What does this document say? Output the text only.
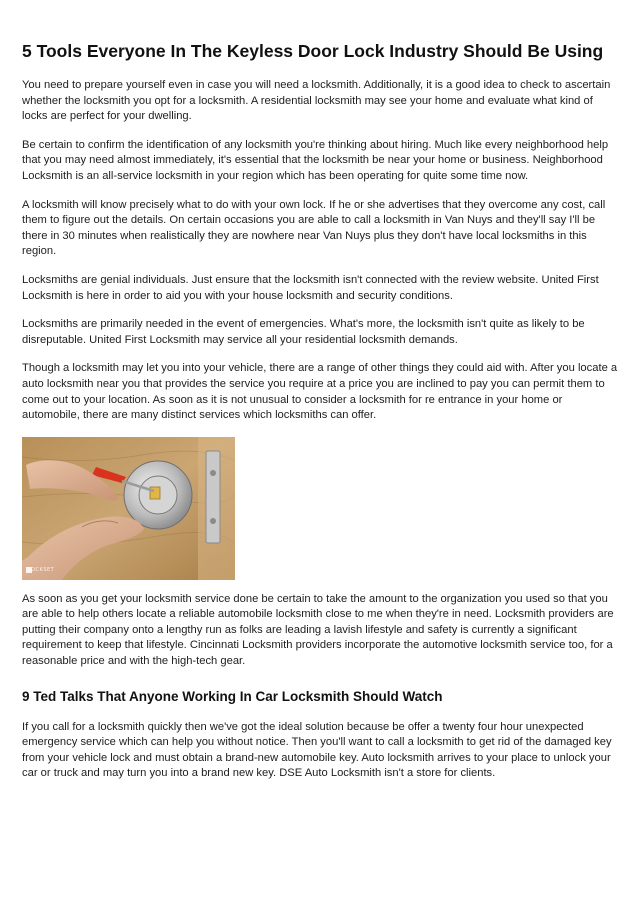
5 Tools Everyone In The Keyless Door Lock Industry Should Be Using

You need to prepare yourself even in case you will need a locksmith. Additionally, it is a good idea to check to ascertain whether the locksmith you opt for a locksmith. A residential locksmith may see your home and evaluate what kind of locks are perfect for your dwelling.

Be certain to confirm the identification of any locksmith you're thinking about hiring. Much like every neighborhood help that you may need almost immediately, it's essential that the locksmith be near your home or business. Neighborhood Locksmith is an all-service locksmith in your region which has been operating for quite some time now.

A locksmith will know precisely what to do with your own lock. If he or she advertises that they overcome any cost, call them to figure out the details. On certain occasions you are able to call a locksmith in Van Nuys and they'll say I'll be there in 30 minutes when realistically they are nowhere near Van Nuys plus they don't have local locksmiths in this region.

Locksmiths are genial individuals. Just ensure that the locksmith isn't connected with the review website. United First Locksmith is here in order to aid you with your house locksmith and security conditions.

Locksmiths are primarily needed in the event of emergencies. What's more, the locksmith isn't quite as likely to be disreputable. United First Locksmith may service all your residential locksmith demands.

Though a locksmith may let you into your vehicle, there are a range of other things they could aid with. After you locate a auto locksmith near you that provides the service you require at a price you are inclined to pay you can permit them to come out to your location. As soon as it is not unusual to consider a locksmith for re entrance in your home or automobile, there are many distinct services which locksmiths can offer.

LOCKSET

As soon as you get your locksmith service done be certain to take the amount to the organization you used so that you are able to help others locate a reliable automobile locksmith close to me when they're in need. Locksmith providers are putting their company onto a lengthy run as folks are leading a lavish lifestyle and safety is currently a significant requirement to keep that lifestyle. Cincinnati Locksmith providers incorporate the automotive locksmith service too, for a reasonable price and with the high-tech gear.

9 Ted Talks That Anyone Working In Car Locksmith Should Watch

If you call for a locksmith quickly then we've got the ideal solution because be offer a twenty four hour unexpected emergency service which can help you without notice. Then you'll want to call a locksmith to get rid of the damaged key from your vehicle lock and must obtain a brand-new automobile key. Auto locksmith arrives to your place to unlock your car or truck and may turn you into a brand new key. DSE Auto Locksmith isn't a store for clients.
